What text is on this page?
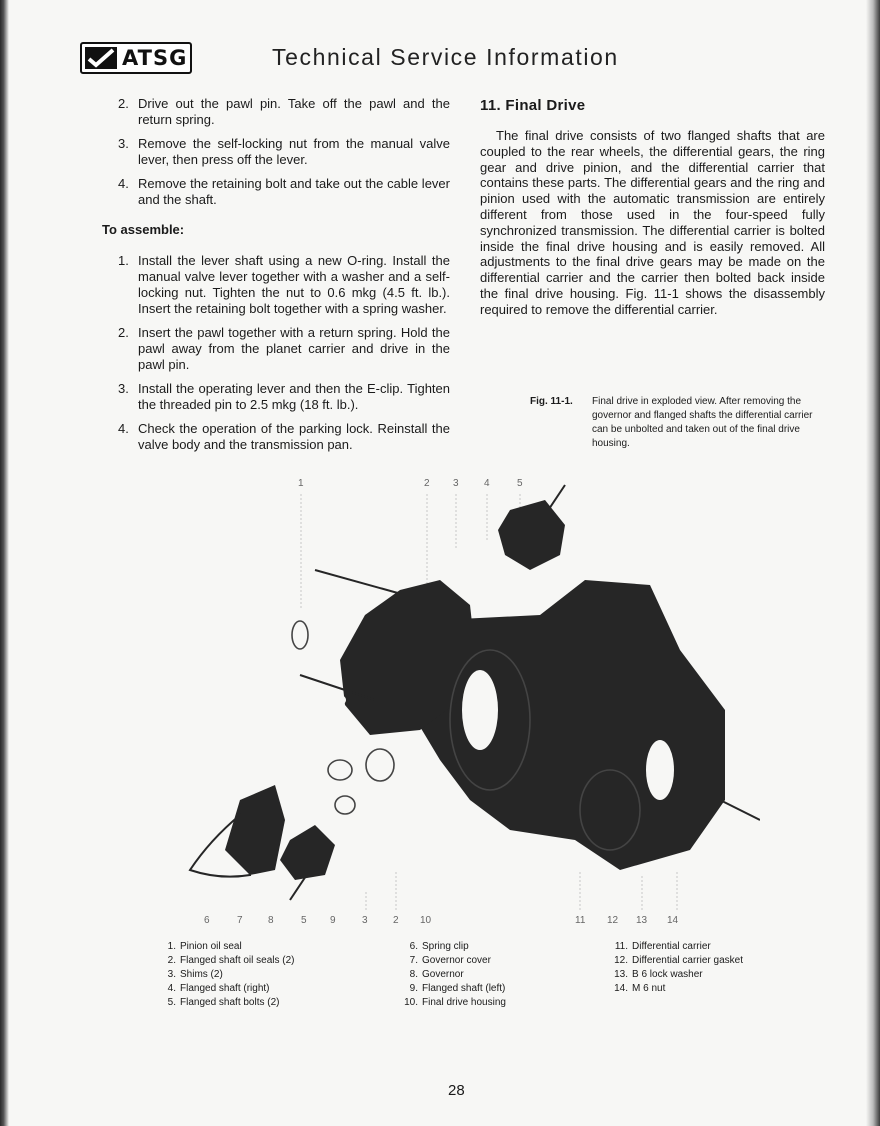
ATSG	Technical Service Information
2. Drive out the pawl pin. Take off the pawl and the return spring.
3. Remove the self-locking nut from the manual valve lever, then press off the lever.
4. Remove the retaining bolt and take out the cable lever and the shaft.
To assemble:
1. Install the lever shaft using a new O-ring. Install the manual valve lever together with a washer and a self-locking nut. Tighten the nut to 0.6 mkg (4.5 ft. lb.). Insert the retaining bolt together with a spring washer.
2. Insert the pawl together with a return spring. Hold the pawl away from the planet carrier and drive in the pawl pin.
3. Install the operating lever and then the E-clip. Tighten the threaded pin to 2.5 mkg (18 ft. lb.).
4. Check the operation of the parking lock. Reinstall the valve body and the transmission pan.
11. Final Drive

The final drive consists of two flanged shafts that are coupled to the rear wheels, the differential gears, the ring gear and drive pinion, and the differential carrier that contains these parts. The differential gears and the ring and pinion used with the automatic transmission are entirely different from those used in the four-speed fully synchronized transmission. The differential carrier is bolted inside the final drive housing and is easily removed. All adjustments to the final drive gears may be made on the differential carrier and the carrier then bolted back inside the final drive housing. Fig. 11-1 shows the disassembly required to remove the differential carrier.

Fig. 11-1.	Final drive in exploded view. After removing the governor and flanged shafts the differential carrier can be unbolted and taken out of the final drive housing.
1	2 3	4	5
6	7	8	5 9	3	2 10	11 12 13 14
1. Pinion oil seal
2. Flanged shaft oil seals (2)
3. Shims (2)
4. Flanged shaft (right)
5. Flanged shaft bolts (2)
6. Spring clip
7. Governor cover
8. Governor
9. Flanged shaft (left)
10. Final drive housing
11. Differential carrier
12. Differential carrier gasket
13. B 6 lock washer
14. M 6 nut
28
